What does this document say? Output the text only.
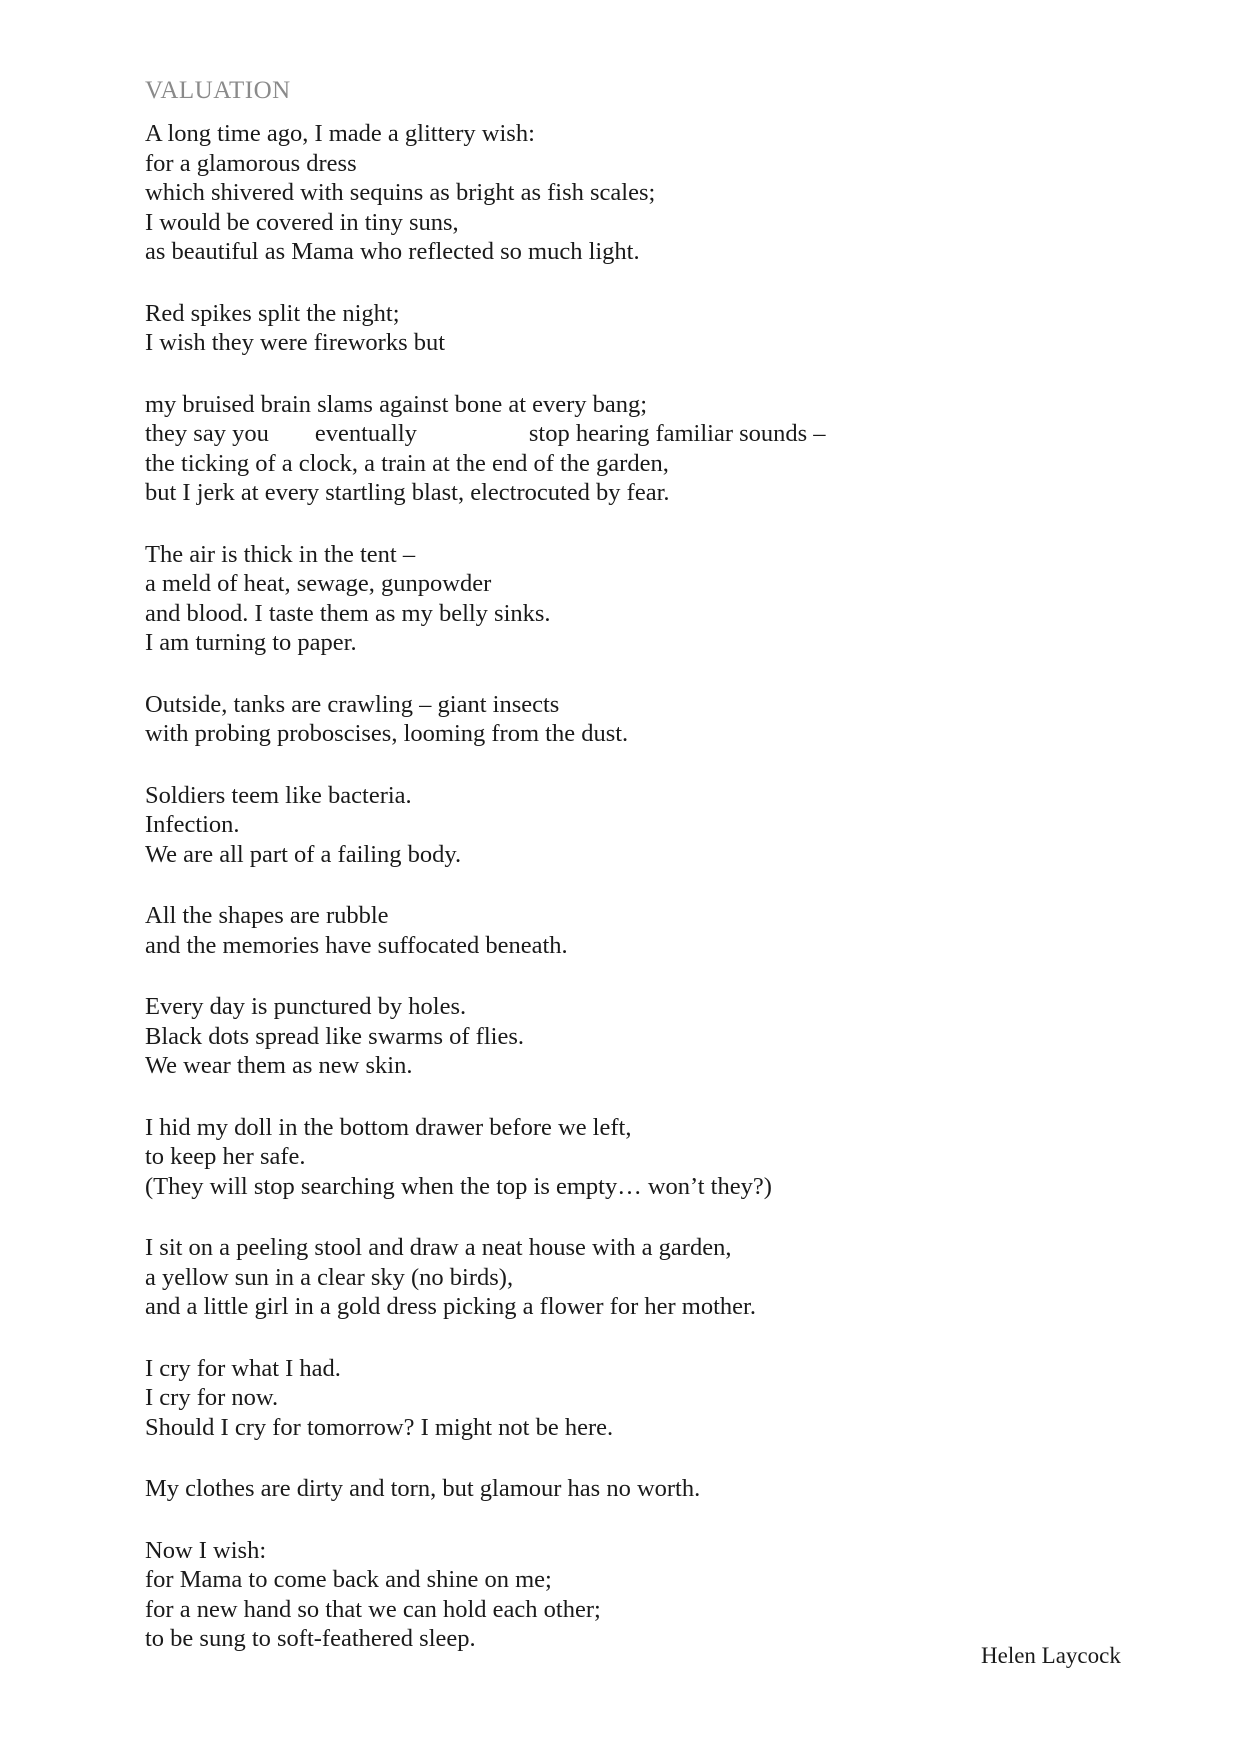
VALUATION
A long time ago, I made a glittery wish:
for a glamorous dress
which shivered with sequins as bright as fish scales;
I would be covered in tiny suns,
as beautiful as Mama who reflected so much light.
Red spikes split the night;
I wish they were fireworks but
my bruised brain slams against bone at every bang;
they say you eventually	stop hearing familiar sounds –
the ticking of a clock, a train at the end of the garden,
but I jerk at every startling blast, electrocuted by fear.
The air is thick in the tent –
a meld of heat, sewage, gunpowder
and blood. I taste them as my belly sinks.
I am turning to paper.
Outside, tanks are crawling – giant insects
with probing proboscises, looming from the dust.
Soldiers teem like bacteria.
Infection.
We are all part of a failing body.
All the shapes are rubble
and the memories have suffocated beneath.
Every day is punctured by holes.
Black dots spread like swarms of flies.
We wear them as new skin.
I hid my doll in the bottom drawer before we left,
to keep her safe.
(They will stop searching when the top is empty… won’t they?)
I sit on a peeling stool and draw a neat house with a garden,
a yellow sun in a clear sky (no birds),
and a little girl in a gold dress picking a flower for her mother.
I cry for what I had.
I cry for now.
Should I cry for tomorrow? I might not be here.
My clothes are dirty and torn, but glamour has no worth.
Now I wish:
for Mama to come back and shine on me;
for a new hand so that we can hold each other;
to be sung to soft-feathered sleep.
Helen Laycock
